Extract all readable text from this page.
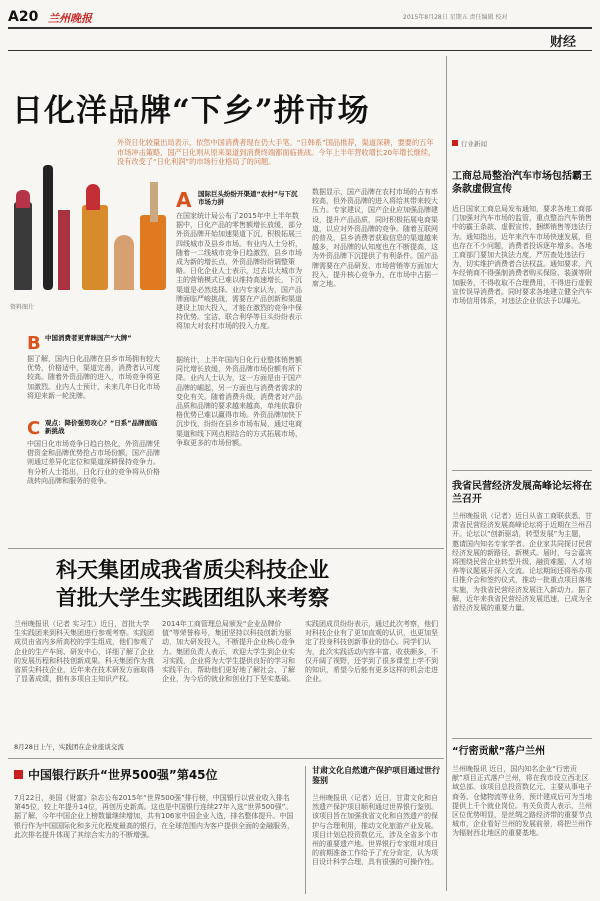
A20 兰州晚报	2015年8月28日 星期五 责任编辑 校对
财经
日化洋品牌“下乡”拼市场
外资日化较量出局表示，依然中国消费者现在仍大手笔。“日韩系”国品推荐，渠道深耕，要要的五年市场冲击策略，国产日化则从原来渠道到消费终端都面临挑战。今年上半年营收增长20年增长继续，没有改变了“日化利润”的市场行业格局了的问题。
资料图片
B 中国消费者更青睐国产“大牌”
据了解，国内日化品牌在县乡市场拥有较大优势，价格适中，渠道完善，消费者认可度较高。随着外资品牌的进入，市场竞争将更加激烈。业内人士预计，未来几年日化市场将迎来新一轮洗牌。
C 观点：降价强势攻心？“日系”品牌面临新挑战
中国日化市场竞争日趋白热化，外资品牌凭借资金和品牌优势抢占市场份额，国产品牌则通过差异化定位和渠道深耕保持竞争力。有分析人士指出，日化行业的竞争将从价格战转向品牌和服务的竞争。
A 国际巨头纷纷开渠道“农村”与下沉市场力拼
在国家统计局公布了2015年中上半年数据中，日化产品的零售额增长放缓，部分外资品牌开始加速渠道下沉，积极拓展三四线城市及县乡市场。有业内人士分析，随着一二线城市竞争日趋激烈，县乡市场成为新的增长点，外资品牌纷纷调整策略。日化企业人士表示，过去以大城市为主的营销模式已难以维持高速增长，下沉渠道是必然选择。业内专家认为，国产品牌面临严峻挑战，需要在产品创新和渠道建设上加大投入，才能在激烈的竞争中保持优势。宝洁、联合利华等巨头纷纷表示将加大对农村市场的投入力度。
据统计，上半年国内日化行业整体销售额同比增长放缓，外资品牌市场份额有所下降。业内人士认为，这一方面是由于国产品牌的崛起，另一方面也与消费者需求的变化有关。随着消费升级，消费者对产品品质和品牌的要求越来越高，单纯依靠价格优势已难以赢得市场。外资品牌加快下沉步伐，纷纷在县乡市场布局，通过电商渠道和线下网点相结合的方式拓展市场，争取更多的市场份额。
数据显示，国产品牌在农村市场的占有率较高，但外资品牌的进入将给其带来较大压力。专家建议，国产企业应加强品牌建设，提升产品品质，同时积极拓展电商渠道，以应对外资品牌的竞争。随着互联网的普及，县乡消费者获取信息的渠道越来越多，对品牌的认知度也在不断提高，这为外资品牌下沉提供了有利条件。国产品牌需要在产品研发、市场营销等方面加大投入，提升核心竞争力，在市场中占据一席之地。
行业新闻
工商总局整治汽车市场包括霸王条款虚假宣传
近日国家工商总局发布通知，要求各地工商部门加强对汽车市场的监管，重点整治汽车销售中的霸王条款、虚假宣传、捆绑销售等违法行为。通知指出，近年来汽车市场快速发展，但也存在不少问题，消费者投诉逐年增多。各地工商部门要加大执法力度，严厉查处违法行为，切实维护消费者合法权益。通知要求，汽车经销商不得强制消费者购买保险、装潢等附加服务，不得收取不合理费用，不得进行虚假宣传误导消费者。同时要求各地建立健全汽车市场信用体系，对违法企业依法予以曝光。
我省民营经济发展高峰论坛将在兰召开
兰州晚报讯（记者）近日从省工商联获悉，甘肃省民营经济发展高峰论坛将于近期在兰州召开。论坛以“创新驱动，转型发展”为主题，邀请国内知名专家学者、企业家共同探讨民营经济发展的新路径、新模式。届时，与会嘉宾将围绕民营企业转型升级、融资难题、人才培养等议题展开深入交流。论坛期间还将举办项目推介会和签约仪式，推动一批重点项目落地实施，为我省民营经济发展注入新动力。据了解，近年来我省民营经济发展迅速，已成为全省经济发展的重要力量。
“行密贡献”落户兰州
兰州晚报讯 近日，国内知名企业“行密贡献”项目正式落户兰州，将在我市设立西北区域总部。该项目总投资数亿元，主要从事电子商务、仓储物流等业务，预计建成后可为当地提供上千个就业岗位。有关负责人表示，兰州区位优势明显，是丝绸之路经济带的重要节点城市，企业看好兰州的发展前景，将把兰州作为辐射西北地区的重要基地。
科天集团成我省质尖科技企业
首批大学生实践团组队来考察
兰州晚报讯（记者 实习生）近日，首批大学生实践团来到科天集团进行参观考察。实践团成员由省内多所高校的学生组成，他们参观了企业的生产车间、研发中心，详细了解了企业的发展历程和科技创新成果。科天集团作为我省质尖科技企业，近年来在技术研发方面取得了显著成绩，拥有多项自主知识产权。
8月28日上午，实践团在企业座谈交流
2014年工商管理总局颁发“企业品牌价值”等荣誉称号，集团坚持以科技创新为驱动，加大研发投入，不断提升企业核心竞争力。集团负责人表示，欢迎大学生到企业实习实践，企业将为大学生提供良好的学习和实践平台，帮助他们更好地了解社会、了解企业，为今后的就业和创业打下坚实基础。
实践团成员纷纷表示，通过此次考察，他们对科技企业有了更加直观的认识，也更加坚定了投身科技创新事业的信心。同学们认为，此次实践活动内容丰富、收获颇多，不仅开阔了视野，还学到了很多课堂上学不到的知识，希望今后能有更多这样的机会走进企业。
中国银行跃升“世界500强”第45位
7月22日，美国《财富》杂志公布2015年“世界500强”排行榜，中国银行以营业收入排名第45位，较上年提升14位，再创历史新高。这也是中国银行连续27年入选“世界500强”。据了解，今年中国企业上榜数量继续增加，共有106家中国企业入选，排名整体提升。中国银行作为中国国际化和多元化程度最高的银行，在全球范围内为客户提供全面的金融服务，此次排名提升体现了其综合实力的不断增强。
甘肃文化自然遗产保护项目通过世行鉴别
兰州晚报讯（记者）近日，甘肃文化和自然遗产保护项目顺利通过世界银行鉴别。该项目旨在加强我省文化和自然遗产的保护与合理利用，推动文化旅游产业发展。项目计划总投资数亿元，涉及全省多个市州的重要遗产地。世界银行专家组对项目的前期准备工作给予了充分肯定，认为项目设计科学合理，具有很强的可操作性。
